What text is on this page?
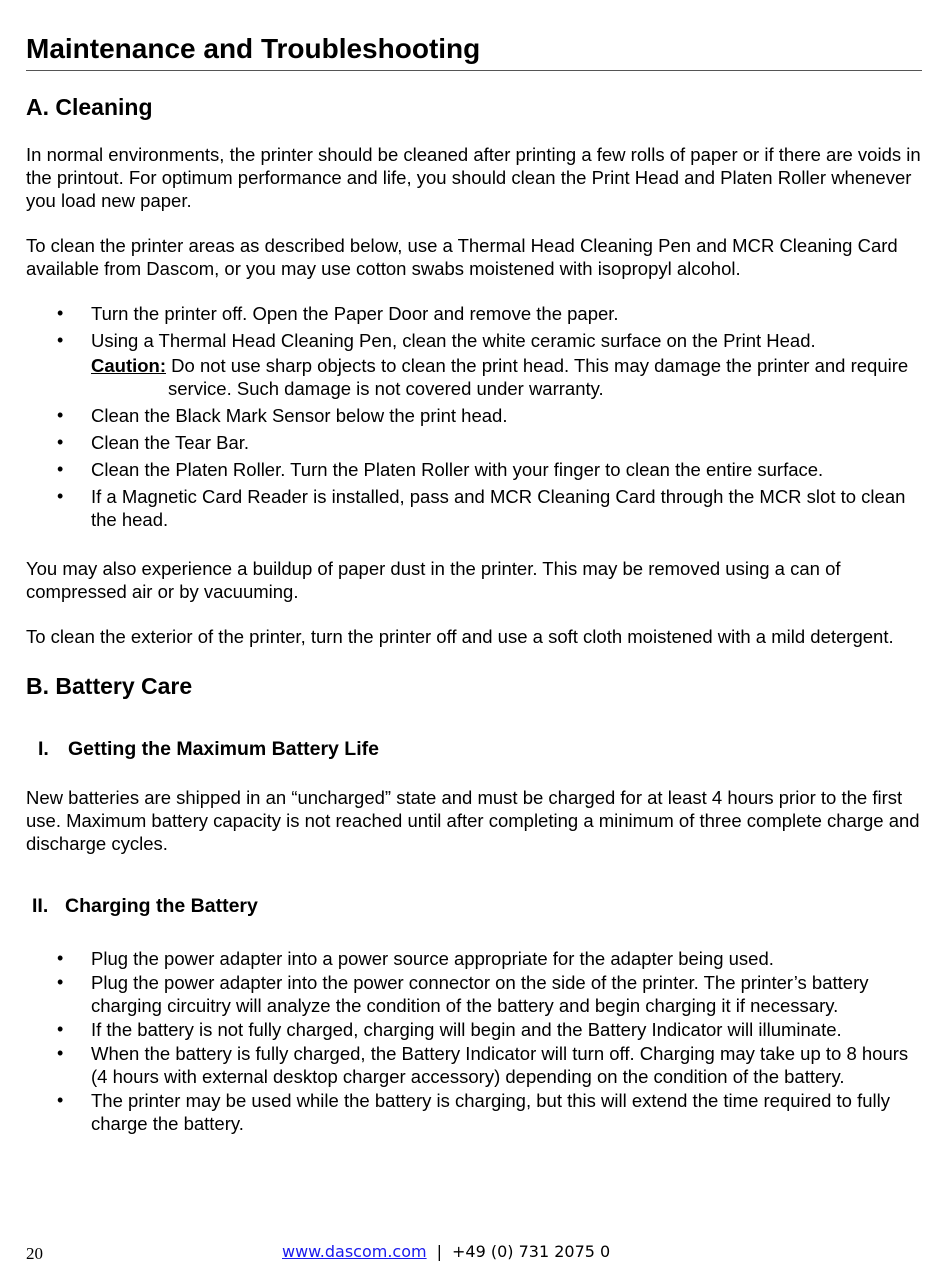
Maintenance and Troubleshooting
A. Cleaning

In normal environments, the printer should be cleaned after printing a few rolls of paper or if there are voids in the printout. For optimum performance and life, you should clean the Print Head and Platen Roller whenever you load new paper.

To clean the printer areas as described below, use a Thermal Head Cleaning Pen and MCR Cleaning Card available from Dascom, or you may use cotton swabs moistened with isopropyl alcohol.

• Turn the printer off. Open the Paper Door and remove the paper.
• Using a Thermal Head Cleaning Pen, clean the white ceramic surface on the Print Head.
Caution: Do not use sharp objects to clean the print head. This may damage the printer and require service. Such damage is not covered under warranty.
• Clean the Black Mark Sensor below the print head.
• Clean the Tear Bar.
• Clean the Platen Roller. Turn the Platen Roller with your finger to clean the entire surface.
• If a Magnetic Card Reader is installed, pass and MCR Cleaning Card through the MCR slot to clean the head.

You may also experience a buildup of paper dust in the printer. This may be removed using a can of compressed air or by vacuuming.

To clean the exterior of the printer, turn the printer off and use a soft cloth moistened with a mild detergent.

B. Battery Care
I. Getting the Maximum Battery Life

New batteries are shipped in an “uncharged” state and must be charged for at least 4 hours prior to the first use. Maximum battery capacity is not reached until after completing a minimum of three complete charge and discharge cycles.

II. Charging the Battery
• Plug the power adapter into a power source appropriate for the adapter being used.
• Plug the power adapter into the power connector on the side of the printer. The printer’s battery charging circuitry will analyze the condition of the battery and begin charging it if necessary.
• If the battery is not fully charged, charging will begin and the Battery Indicator will illuminate.
• When the battery is fully charged, the Battery Indicator will turn off. Charging may take up to 8 hours (4 hours with external desktop charger accessory) depending on the condition of the battery.
• The printer may be used while the battery is charging, but this will extend the time required to fully charge the battery.
20	www.dascom.com | +49 (0) 731 2075 0
